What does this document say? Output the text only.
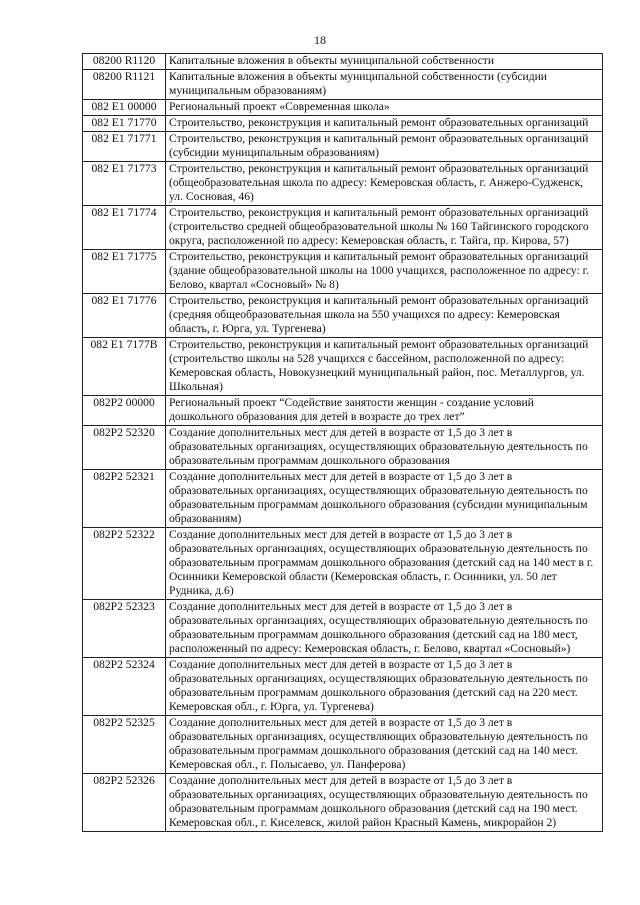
18
08200 R1120	Капитальные вложения в объекты муниципальной собственности
08200 R1121	Капитальные вложения в объекты муниципальной собственности (субсидии муниципальным образованиям)
082 E1 00000	Региональный проект «Современная школа»
082 E1 71770	Строительство, реконструкция и капитальный ремонт образовательных организаций
082 E1 71771	Строительство, реконструкция и капитальный ремонт образовательных организаций (субсидии муниципальным образованиям)
082 E1 71773	Строительство, реконструкция и капитальный ремонт образовательных организаций (общеобразовательная школа по адресу: Кемеровская область, г. Анжеро-Судженск, ул. Сосновая, 46)
082 E1 71774	Строительство, реконструкция и капитальный ремонт образовательных организаций (строительство средней общеобразовательной школы № 160 Тайгинского городского округа, расположенной по адресу: Кемеровская область, г. Тайга, пр. Кирова, 57)
082 E1 71775	Строительство, реконструкция и капитальный ремонт образовательных организаций (здание общеобразовательной школы на 1000 учащихся, расположенное по адресу: г. Белово, квартал «Сосновый» № 8)
082 E1 71776	Строительство, реконструкция и капитальный ремонт образовательных организаций (средняя общеобразовательная школа на 550 учащихся по адресу: Кемеровская область, г. Юрга, ул. Тургенева)
082 E1 7177B	Строительство, реконструкция и капитальный ремонт образовательных организаций (строительство школы на 528 учащихся с бассейном, расположенной по адресу: Кемеровская область, Новокузнецкий муниципальный район, пос. Металлургов, ул. Школьная)
082P2 00000	Региональный проект “Содействие занятости женщин - создание условий дошкольного образования для детей в возрасте до трех лет”
082P2 52320	Создание дополнительных мест для детей в возрасте от 1,5 до 3 лет в образовательных организациях, осуществляющих образовательную деятельность по образовательным программам дошкольного образования
082P2 52321	Создание дополнительных мест для детей в возрасте от 1,5 до 3 лет в образовательных организациях, осуществляющих образовательную деятельность по образовательным программам дошкольного образования (субсидии муниципальным образованиям)
082P2 52322	Создание дополнительных мест для детей в возрасте от 1,5 до 3 лет в образовательных организациях, осуществляющих образовательную деятельность по образовательным программам дошкольного образования (детский сад на 140 мест в г. Осинники Кемеровской области (Кемеровская область, г. Осинники, ул. 50 лет Рудника, д.6)
082P2 52323	Создание дополнительных мест для детей в возрасте от 1,5 до 3 лет в образовательных организациях, осуществляющих образовательную деятельность по образовательным программам дошкольного образования (детский сад на 180 мест, расположенный по адресу: Кемеровская область, г. Белово, квартал «Сосновый»)
082P2 52324	Создание дополнительных мест для детей в возрасте от 1,5 до 3 лет в образовательных организациях, осуществляющих образовательную деятельность по образовательным программам дошкольного образования (детский сад на 220 мест. Кемеровская обл., г. Юрга, ул. Тургенева)
082P2 52325	Создание дополнительных мест для детей в возрасте от 1,5 до 3 лет в образовательных организациях, осуществляющих образовательную деятельность по образовательным программам дошкольного образования (детский сад на 140 мест. Кемеровская обл., г. Полысаево, ул. Панферова)
082P2 52326	Создание дополнительных мест для детей в возрасте от 1,5 до 3 лет в образовательных организациях, осуществляющих образовательную деятельность по образовательным программам дошкольного образования (детский сад на 190 мест. Кемеровская обл., г. Киселевск, жилой район Красный Камень, микрорайон 2)
